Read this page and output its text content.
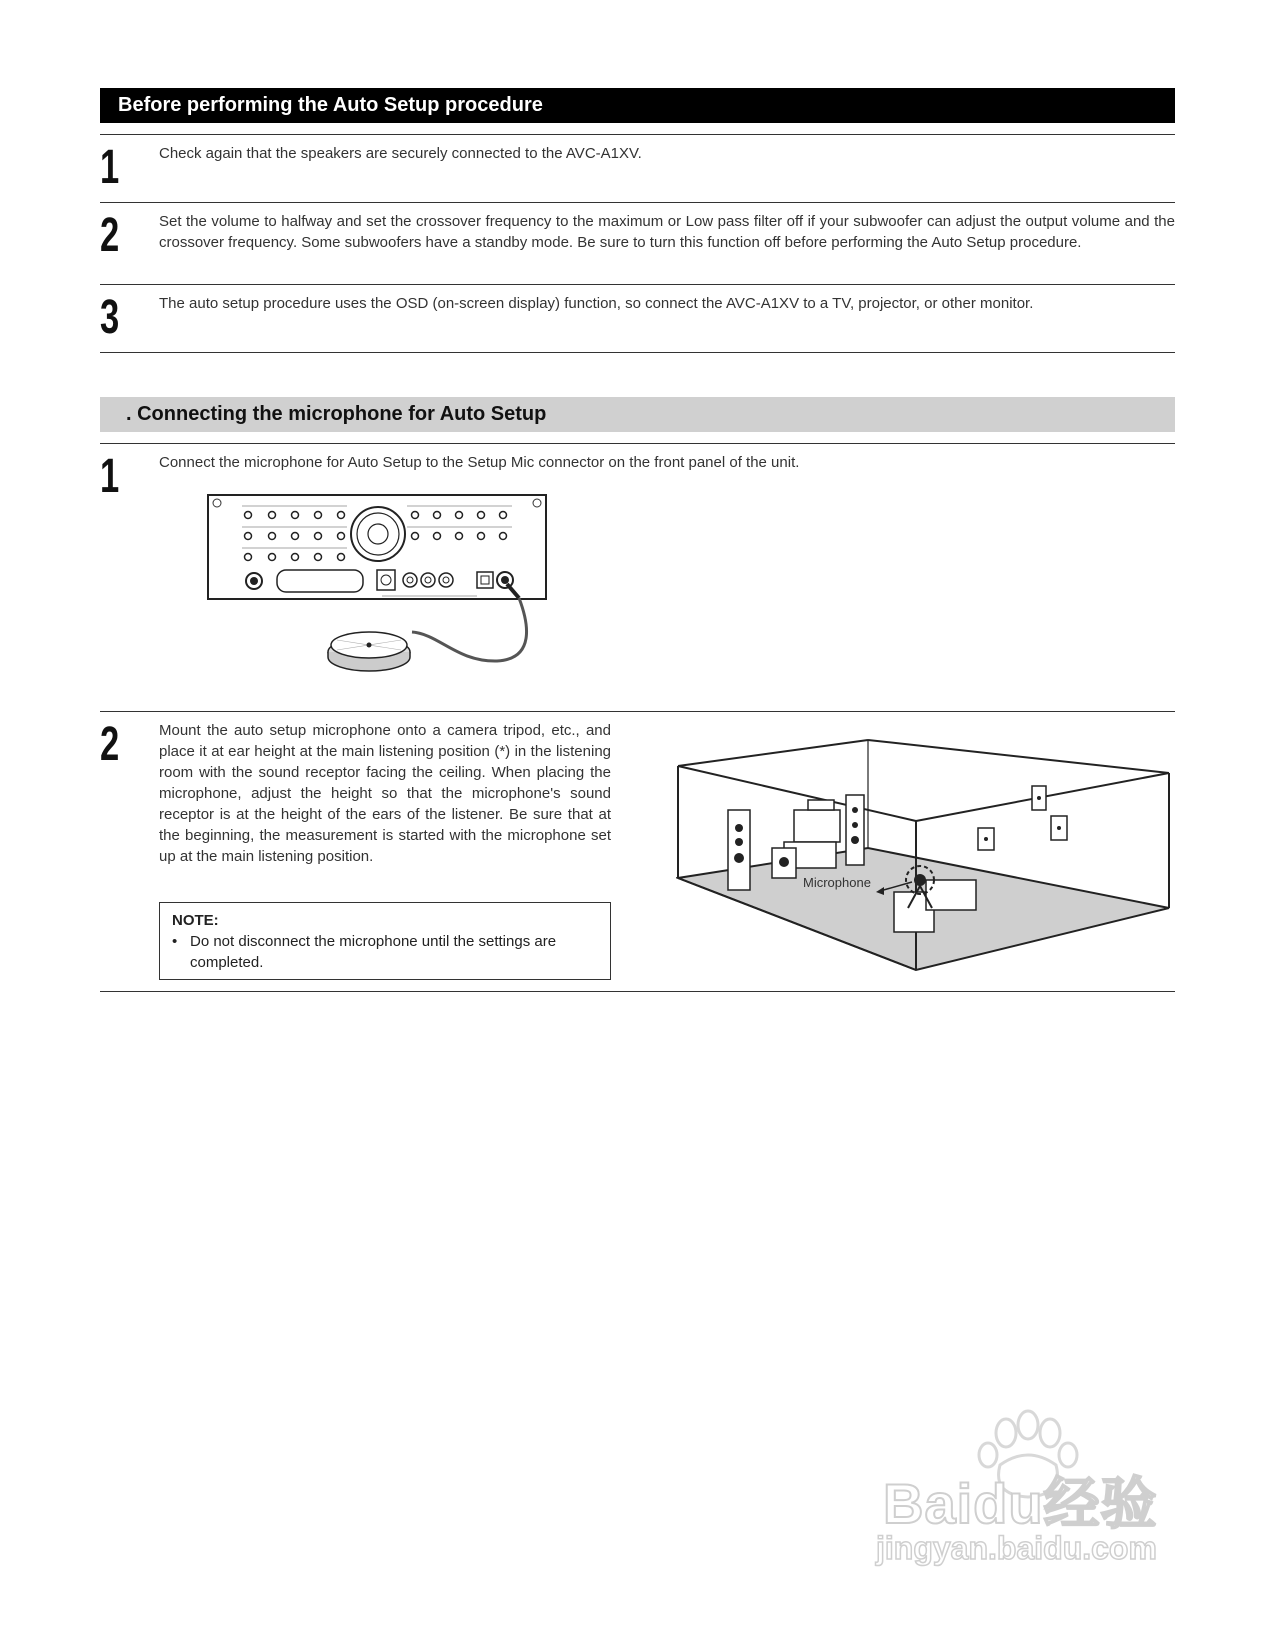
Before performing the Auto Setup procedure
1	Check again that the speakers are securely connected to the AVC-A1XV.
2	Set the volume to halfway and set the crossover frequency to the maximum or Low pass filter off if your subwoofer can adjust the output volume and the crossover frequency. Some subwoofers have a standby mode. Be sure to turn this function off before performing the Auto Setup procedure.
3	The auto setup procedure uses the OSD (on-screen display) function, so connect the AVC-A1XV to a TV, projector, or other monitor.
. Connecting the microphone for Auto Setup
1	Connect the microphone for Auto Setup to the Setup Mic connector on the front panel of the unit.
2	Mount the auto setup microphone onto a camera tripod, etc., and place it at ear height at the main listening position (*) in the listening room with the sound receptor facing the ceiling. When placing the microphone, adjust the height so that the microphone's sound receptor is at the height of the ears of the listener. Be sure that at the beginning, the measurement is started with the microphone set up at the main listening position.
NOTE:
• Do not disconnect the microphone until the settings are completed.
Microphone
Baidu经验
jingyan.baidu.com
